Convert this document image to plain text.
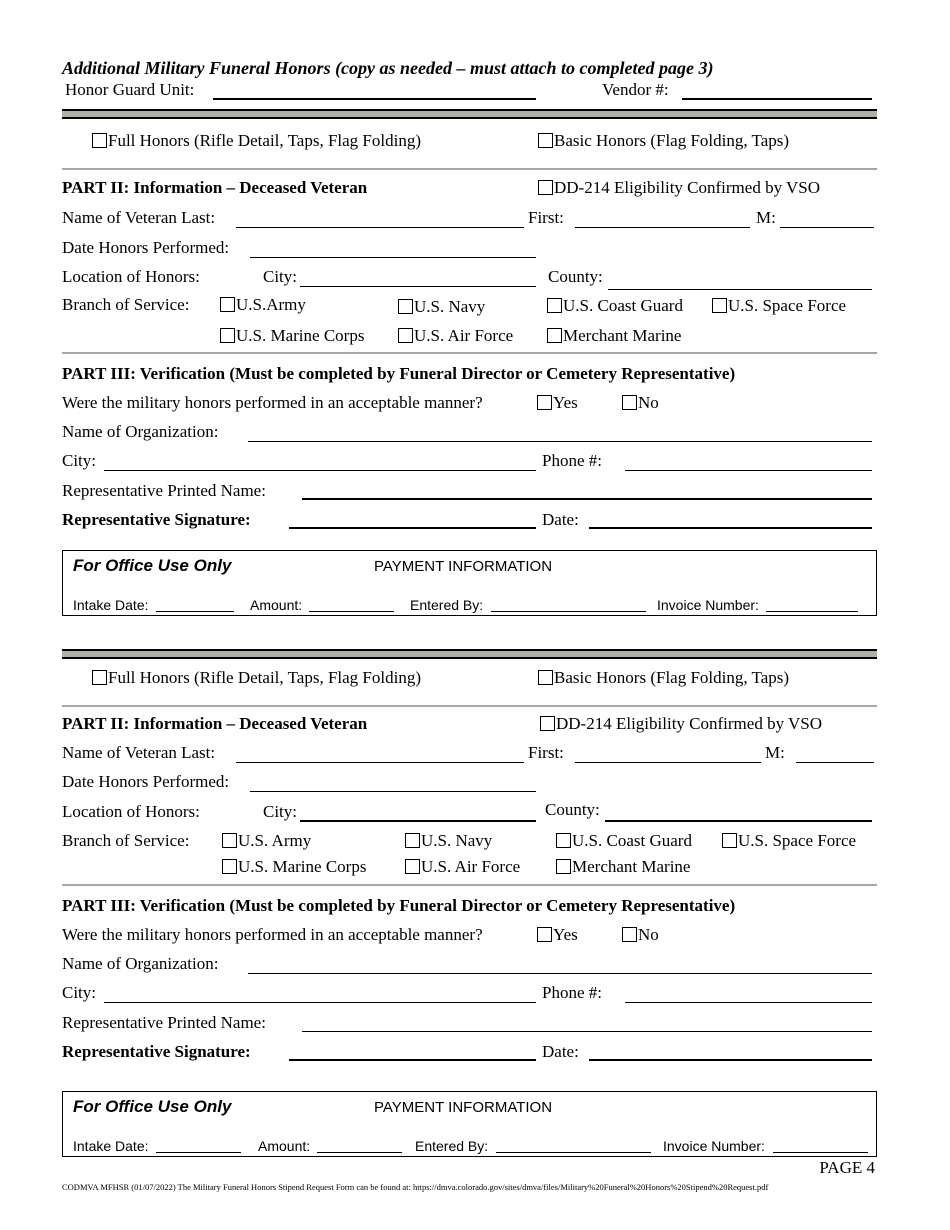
Additional Military Funeral Honors (copy as needed – must attach to completed page 3)
Honor Guard Unit:	Vendor #:
Full Honors (Rifle Detail, Taps, Flag Folding)	Basic Honors (Flag Folding, Taps)
PART II: Information – Deceased Veteran	DD-214 Eligibility Confirmed by VSO
Name of Veteran Last:	First:	M:
Date Honors Performed:
Location of Honors:	City:	County:
Branch of Service:	U.S.Army	U.S. Navy	U.S. Coast Guard	U.S. Space Force
U.S. Marine Corps	U.S. Air Force	Merchant Marine
PART III: Verification (Must be completed by Funeral Director or Cemetery Representative)
Were the military honors performed in an acceptable manner?	Yes	No
Name of Organization:
City:	Phone #:
Representative Printed Name:
Representative Signature:	Date:
For Office Use Only	PAYMENT INFORMATION
Intake Date:	Amount:	Entered By:	Invoice Number:
Full Honors (Rifle Detail, Taps, Flag Folding)	Basic Honors (Flag Folding, Taps)
PART II: Information – Deceased Veteran	DD-214 Eligibility Confirmed by VSO
Name of Veteran Last:	First:	M:
Date Honors Performed:
Location of Honors:	City:	County:
Branch of Service:	U.S. Army	U.S. Navy	U.S. Coast Guard	U.S. Space Force
U.S. Marine Corps	U.S. Air Force	Merchant Marine
PART III: Verification (Must be completed by Funeral Director or Cemetery Representative)
Were the military honors performed in an acceptable manner?	Yes	No
Name of Organization:
City:	Phone #:
Representative Printed Name:
Representative Signature:	Date:
For Office Use Only	PAYMENT INFORMATION
Intake Date:	Amount:	Entered By:	Invoice Number:
PAGE 4
CODMVA MFHSR (01/07/2022) The Military Funeral Honors Stipend Request Form can be found at: https://dmva.colorado.gov/sites/dmva/files/Military%20Funeral%20Honors%20Stipend%20Request.pdf
